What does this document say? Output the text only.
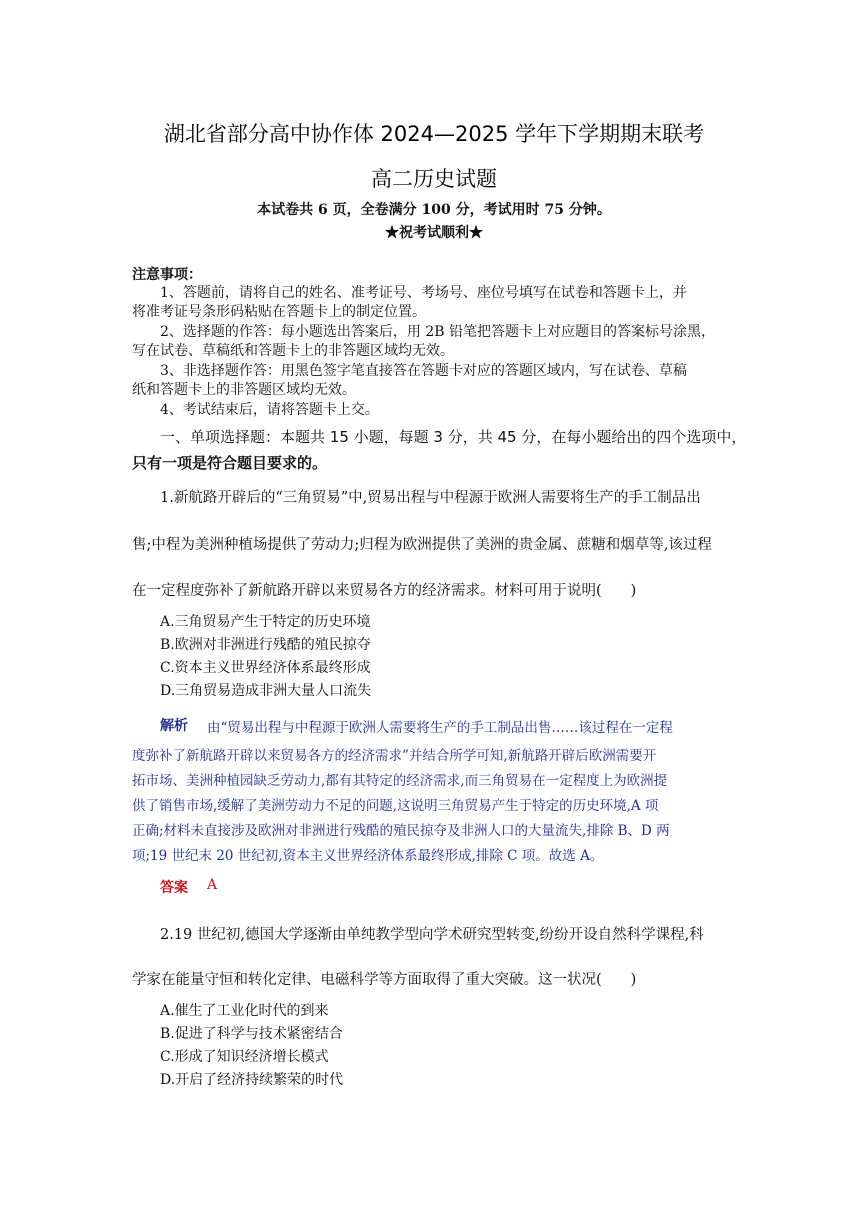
湖北省部分高中协作体 2024—2025 学年下学期期末联考
高二历史试题
本试卷共 6 页，全卷满分 100 分，考试用时 75 分钟。
★祝考试顺利★
注意事项：
1、答题前，请将自己的姓名、准考证号、考场号、座位号填写在试卷和答题卡上，并
将准考证号条形码粘贴在答题卡上的制定位置。
2、选择题的作答：每小题选出答案后，用 2B 铅笔把答题卡上对应题目的答案标号涂黑，
写在试卷、草稿纸和答题卡上的非答题区域均无效。
3、非选择题作答：用黑色签字笔直接答在答题卡对应的答题区域内，写在试卷、草稿
纸和答题卡上的非答题区域均无效。
4、考试结束后，请将答题卡上交。
一、单项选择题：本题共 15 小题，每题 3 分，共 45 分，在每小题给出的四个选项中，
只有一项是符合题目要求的。
1.新航路开辟后的“三角贸易”中,贸易出程与中程源于欧洲人需要将生产的手工制品出
售;中程为美洲种植场提供了劳动力;归程为欧洲提供了美洲的贵金属、蔗糖和烟草等,该过程
在一定程度弥补了新航路开辟以来贸易各方的经济需求。材料可用于说明(　　)
A.三角贸易产生于特定的历史环境
B.欧洲对非洲进行残酷的殖民掠夺
C.资本主义世界经济体系最终形成
D.三角贸易造成非洲大量人口流失
解析 由“贸易出程与中程源于欧洲人需要将生产的手工制品出售……该过程在一定程
度弥补了新航路开辟以来贸易各方的经济需求”并结合所学可知,新航路开辟后欧洲需要开
拓市场、美洲种植园缺乏劳动力,都有其特定的经济需求,而三角贸易在一定程度上为欧洲提
供了销售市场,缓解了美洲劳动力不足的问题,这说明三角贸易产生于特定的历史环境,A 项
正确;材料未直接涉及欧洲对非洲进行残酷的殖民掠夺及非洲人口的大量流失,排除 B、D 两
项;19 世纪末 20 世纪初,资本主义世界经济体系最终形成,排除 C 项。故选 A。
答案 A
2.19 世纪初,德国大学逐渐由单纯教学型向学术研究型转变,纷纷开设自然科学课程,科
学家在能量守恒和转化定律、电磁科学等方面取得了重大突破。这一状况(　　)
A.催生了工业化时代的到来
B.促进了科学与技术紧密结合
C.形成了知识经济增长模式
D.开启了经济持续繁荣的时代
